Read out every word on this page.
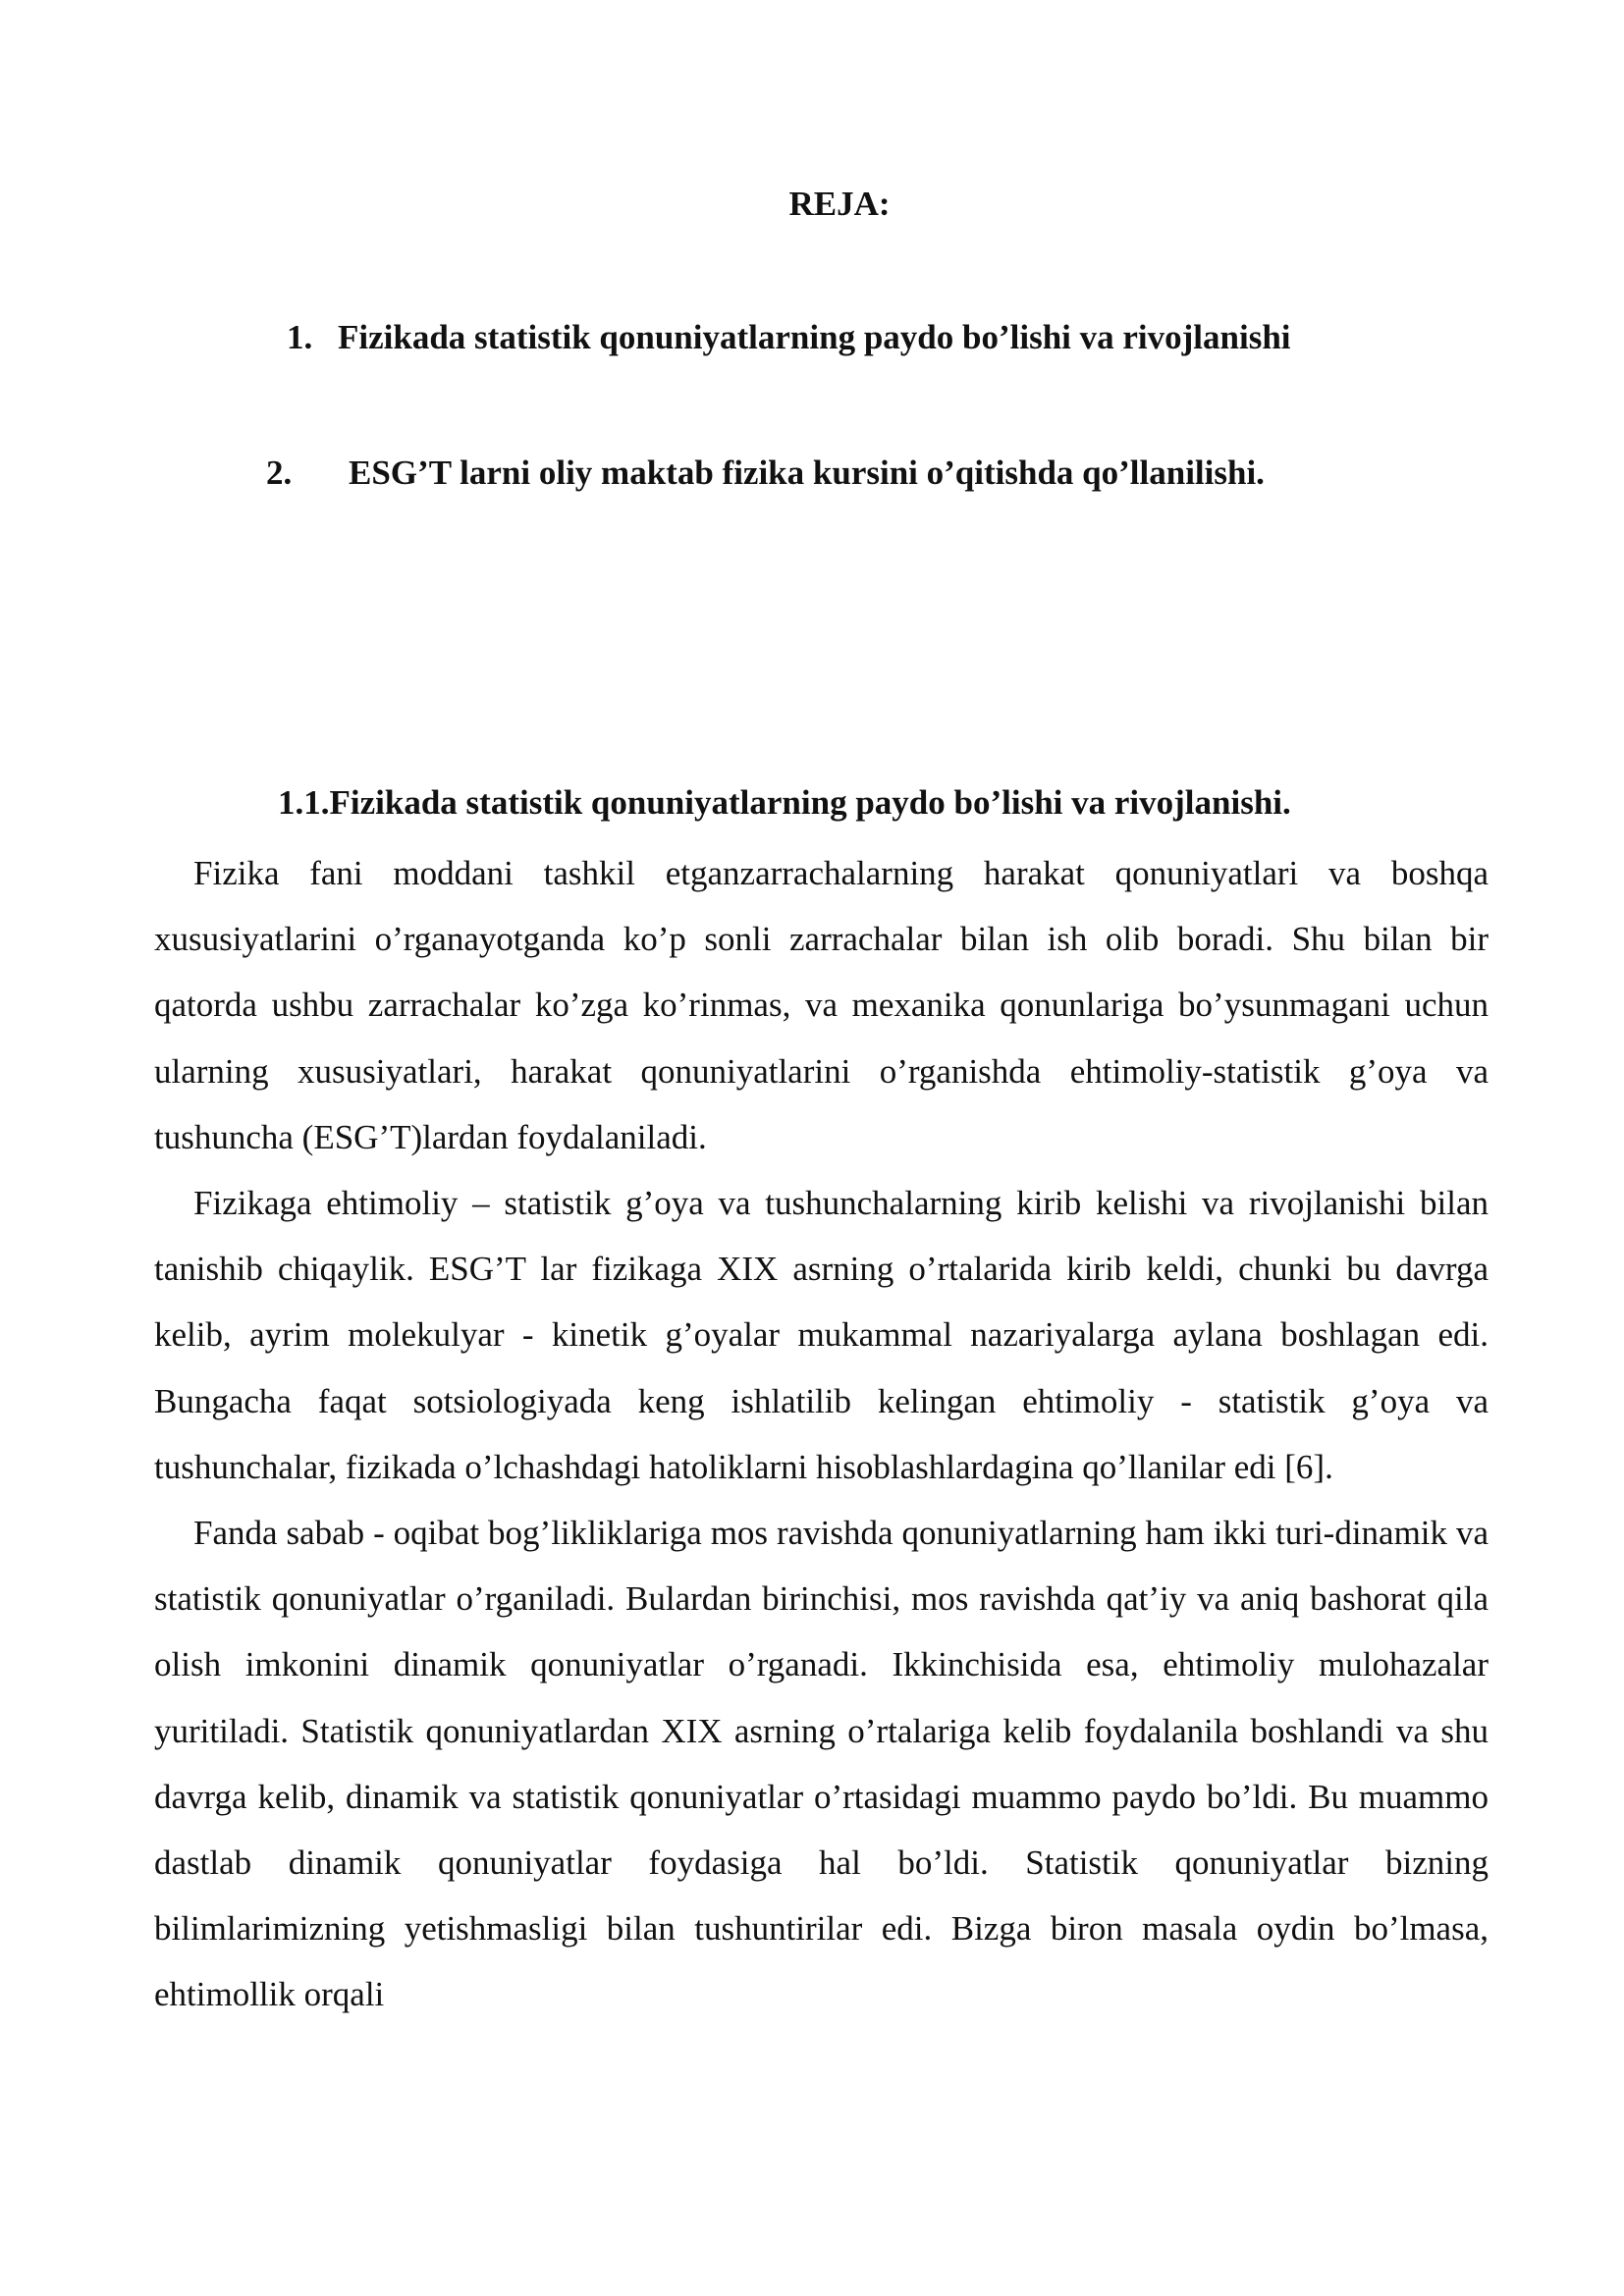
REJA:
1. Fizikada statistik qonuniyatlarning paydo bo’lishi va rivojlanishi
2. ESG’T larni oliy maktab fizika kursini o’qitishda qo’llanilishi.
1.1.Fizikada statistik qonuniyatlarning paydo bo’lishi va rivojlanishi.

Fizika fani moddani tashkil etganzarrachalarning harakat qonuniyatlari va boshqa xususiyatlarini o’rganayotganda ko’p sonli zarrachalar bilan ish olib boradi. Shu bilan bir qatorda ushbu zarrachalar ko’zga ko’rinmas, va mexanika qonunlariga bo’ysunmagani uchun ularning xususiyatlari, harakat qonuniyatlarini o’rganishda ehtimoliy-statistik g’oya va tushuncha (ESG’T)lardan foydalaniladi.

Fizikaga ehtimoliy – statistik g’oya va tushunchalarning kirib kelishi va rivojlanishi bilan tanishib chiqaylik. ESG’T lar fizikaga XIX asrning o’rtalarida kirib keldi, chunki bu davrga kelib, ayrim molekulyar - kinetik g’oyalar mukammal nazariyalarga aylana boshlagan edi. Bungacha faqat sotsiologiyada keng ishlatilib kelingan ehtimoliy - statistik g’oya va tushunchalar, fizikada o’lchashdagi hatoliklarni hisoblashlardagina qo’llanilar edi [6].

Fanda sabab - oqibat bog’likliklariga mos ravishda qonuniyatlarning ham ikki turi-dinamik va statistik qonuniyatlar o’rganiladi. Bulardan birinchisi, mos ravishda qat’iy va aniq bashorat qila olish imkonini dinamik qonuniyatlar o’rganadi. Ikkinchisida esa, ehtimoliy mulohazalar yuritiladi. Statistik qonuniyatlardan XIX asrning o’rtalariga kelib foydalanila boshlandi va shu davrga kelib, dinamik va statistik qonuniyatlar o’rtasidagi muammo paydo bo’ldi. Bu muammo dastlab dinamik qonuniyatlar foydasiga hal bo’ldi. Statistik qonuniyatlar bizning bilimlarimizning yetishmasligi bilan tushuntirilar edi. Bizga biron masala oydin bo’lmasa, ehtimollik orqali
